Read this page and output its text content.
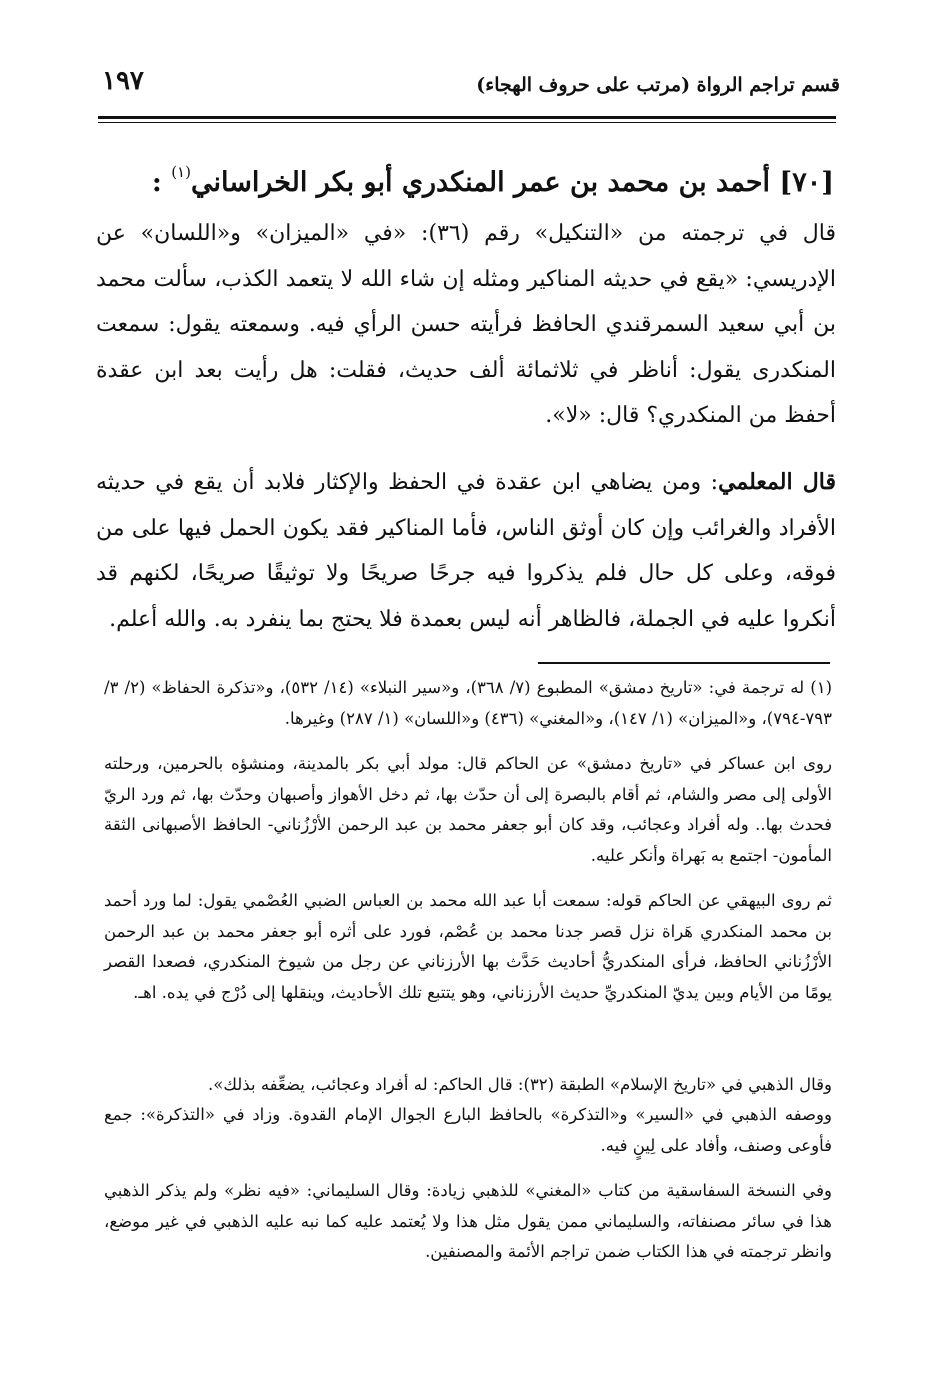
قسم تراجم الرواة (مرتب على حروف الهجاء)
١٩٧
[٧٠] أحمد بن محمد بن عمر المنكدري أبو بكر الخراساني$^{(١)}$ :
قال في ترجمته من «التنكيل» رقم (٣٦): «في «الميزان» و«اللسان» عن الإدريسي: «يقع في حديثه المناكير ومثله إن شاء الله لا يتعمد الكذب، سألت محمد بن أبي سعيد السمرقندي الحافظ فرأيته حسن الرأي فيه. وسمعته يقول: سمعت المنكدرى يقول: أناظر في ثلاثمائة ألف حديث، فقلت: هل رأيت بعد ابن عقدة أحفظ من المنكدري؟ قال: «لا».
قال المعلمي: ومن يضاهي ابن عقدة في الحفظ والإكثار فلابد أن يقع في حديثه الأفراد والغرائب وإن كان أوثق الناس، فأما المناكير فقد يكون الحمل فيها على من فوقه، وعلى كل حال فلم يذكروا فيه جرحًا صريحًا ولا توثيقًا صريحًا، لكنهم قد أنكروا عليه في الجملة، فالظاهر أنه ليس بعمدة فلا يحتج بما ينفرد به. والله أعلم.
(١) له ترجمة في: «تاريخ دمشق» المطبوع (٧/ ٣٦٨)، و«سير النبلاء» (١٤/ ٥٣٢)، و«تذكرة الحفاظ» (٢/ ٣/ ٧٩٣-٧٩٤)، و«الميزان» (١/ ١٤٧)، و«المغني» (٤٣٦) و«اللسان» (١/ ٢٨٧) وغيرها.
روى ابن عساكر في «تاريخ دمشق» عن الحاكم قال: مولد أبي بكر بالمدينة، ومنشؤه بالحرمين، ورحلته الأولى إلى مصر والشام، ثم أقام بالبصرة إلى أن حدّث بها، ثم دخل الأهواز وأصبهان وحدّث بها، ثم ورد الريّ فحدث بها.. وله أفراد وعجائب، وقد كان أبو جعفر محمد بن عبد الرحمن الأرْزُناني- الحافظ الأصبهانى الثقة المأمون- اجتمع به بَهراة وأنكر عليه.
ثم روى البيهقي عن الحاكم قوله: سمعت أبا عبد الله محمد بن العباس الضبي العُصْمي يقول: لما ورد أحمد بن محمد المنكدري هَراة نزل قصر جدنا محمد بن عُصْم، فورد على أثره أبو جعفر محمد بن عبد الرحمن الأرْزُناني الحافظ، فرأى المنكدريُّ أحاديث حَدَّث بها الأرزناني عن رجل من شيوخ المنكدري، فصعدا القصر يومًا من الأيام وبين يديّ المنكدريِّ حديث الأرزناني، وهو يتتبع تلك الأحاديث، وينقلها إلى دُرْج في يده. اهـ.
وقال الذهبي في «تاريخ الإسلام» الطبقة (٣٢): قال الحاكم: له أفراد وعجائب، يضعِّفه بذلك».
ووصفه الذهبي في «السير» و«التذكرة» بالحافظ البارع الجوال الإمام القدوة. وزاد في «التذكرة»: جمع فأوعى وصنف، وأفاد على لِينٍ فيه.
وفي النسخة السفاسقية من كتاب «المغني» للذهبي زيادة: وقال السليماني: «فيه نظر» ولم يذكر الذهبي هذا في سائر مصنفاته، والسليماني ممن يقول مثل هذا ولا يُعتمد عليه كما نبه عليه الذهبي في غير موضع، وانظر ترجمته في هذا الكتاب ضمن تراجم الأئمة والمصنفين.
